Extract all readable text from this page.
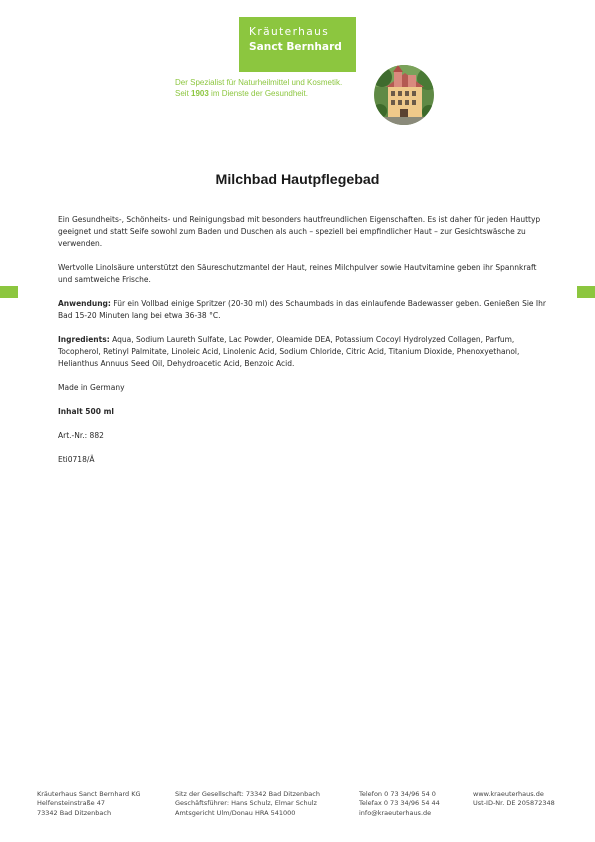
Kräuterhaus
Sanct Bernhard
Der Spezialist für Naturheilmittel und Kosmetik.
Seit 1903 im Dienste der Gesundheit.
Milchbad Hautpflegebad

Ein Gesundheits-, Schönheits- und Reinigungsbad mit besonders hautfreundlichen Eigenschaften. Es ist daher für jeden Hauttyp geeignet und statt Seife sowohl zum Baden und Duschen als auch – speziell bei empfindlicher Haut – zur Gesichtswäsche zu verwenden.

Wertvolle Linolsäure unterstützt den Säureschutzmantel der Haut, reines Milchpulver sowie Hautvitamine geben ihr Spannkraft und samtweiche Frische.

Anwendung: Für ein Vollbad einige Spritzer (20-30 ml) des Schaumbads in das einlaufende Badewasser geben. Genießen Sie Ihr Bad 15-20 Minuten lang bei etwa 36-38 °C.

Ingredients: Aqua, Sodium Laureth Sulfate, Lac Powder, Oleamide DEA, Potassium Cocoyl Hydrolyzed Collagen, Parfum, Tocopherol, Retinyl Palmitate, Linoleic Acid, Linolenic Acid, Sodium Chloride, Citric Acid, Titanium Dioxide, Phenoxyethanol, Helianthus Annuus Seed Oil, Dehydroacetic Acid, Benzoic Acid.

Made in Germany

Inhalt 500 ml

Art.-Nr.: 882

Eti0718/Ä

Kräuterhaus Sanct Bernhard KG
Helfensteinstraße 47
73342 Bad Ditzenbach
Sitz der Gesellschaft: 73342 Bad Ditzenbach
Geschäftsführer: Hans Schulz, Elmar Schulz
Amtsgericht Ulm/Donau HRA 541000
Telefon 0 73 34/96 54 0
Telefax 0 73 34/96 54 44
info@kraeuterhaus.de
www.kraeuterhaus.de
Ust-ID-Nr. DE 205872348
